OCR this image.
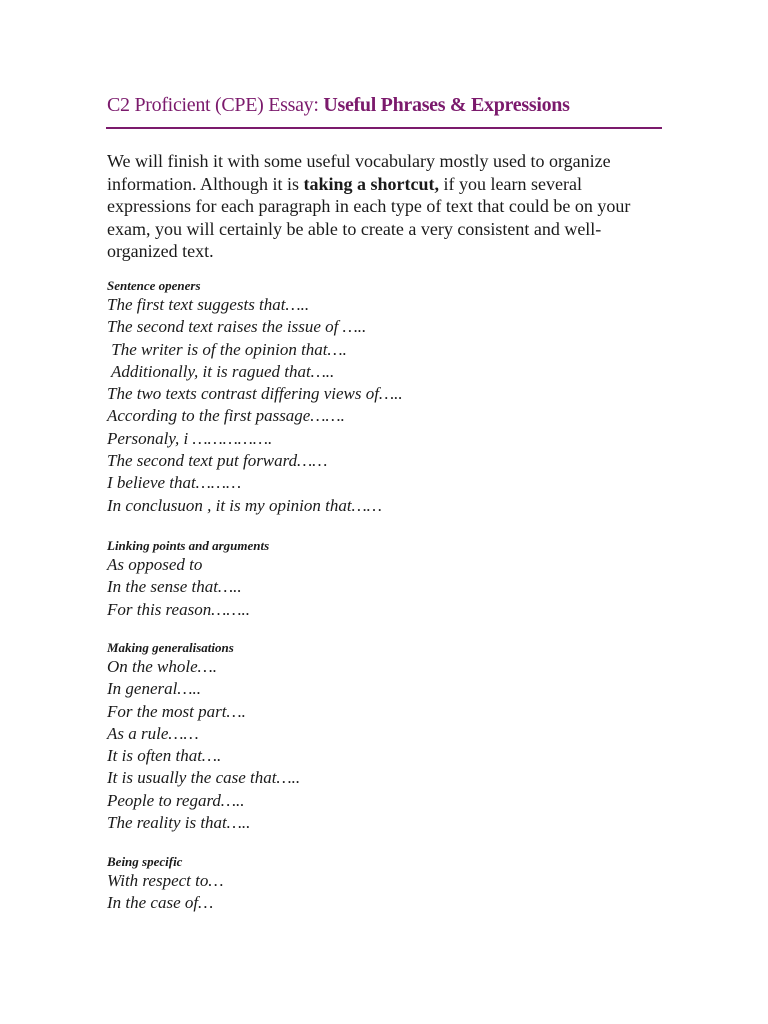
C2 Proficient (CPE) Essay: Useful Phrases & Expressions

We will finish it with some useful vocabulary mostly used to organize information. Although it is taking a shortcut, if you learn several expressions for each paragraph in each type of text that could be on your exam, you will certainly be able to create a very consistent and well-organized text.

Sentence openers
The first text suggests that…..
The second text raises the issue of …..
The writer is of the opinion that….
Additionally, it is ragued that…..
The two texts contrast differing views of…..
According to the first passage…….
Personaly, i …………….
The second text put forward……
I believe that………
In conclusuon , it is my opinion that……
Linking points and arguments
As opposed to
In the sense that…..
For this reason……..
Making generalisations
On the whole….
In general…..
For the most part….
As a rule……
It is often that….
It is usually the case that…..
People to regard…..
The reality is that…..
Being specific
With respect to…
In the case of…
